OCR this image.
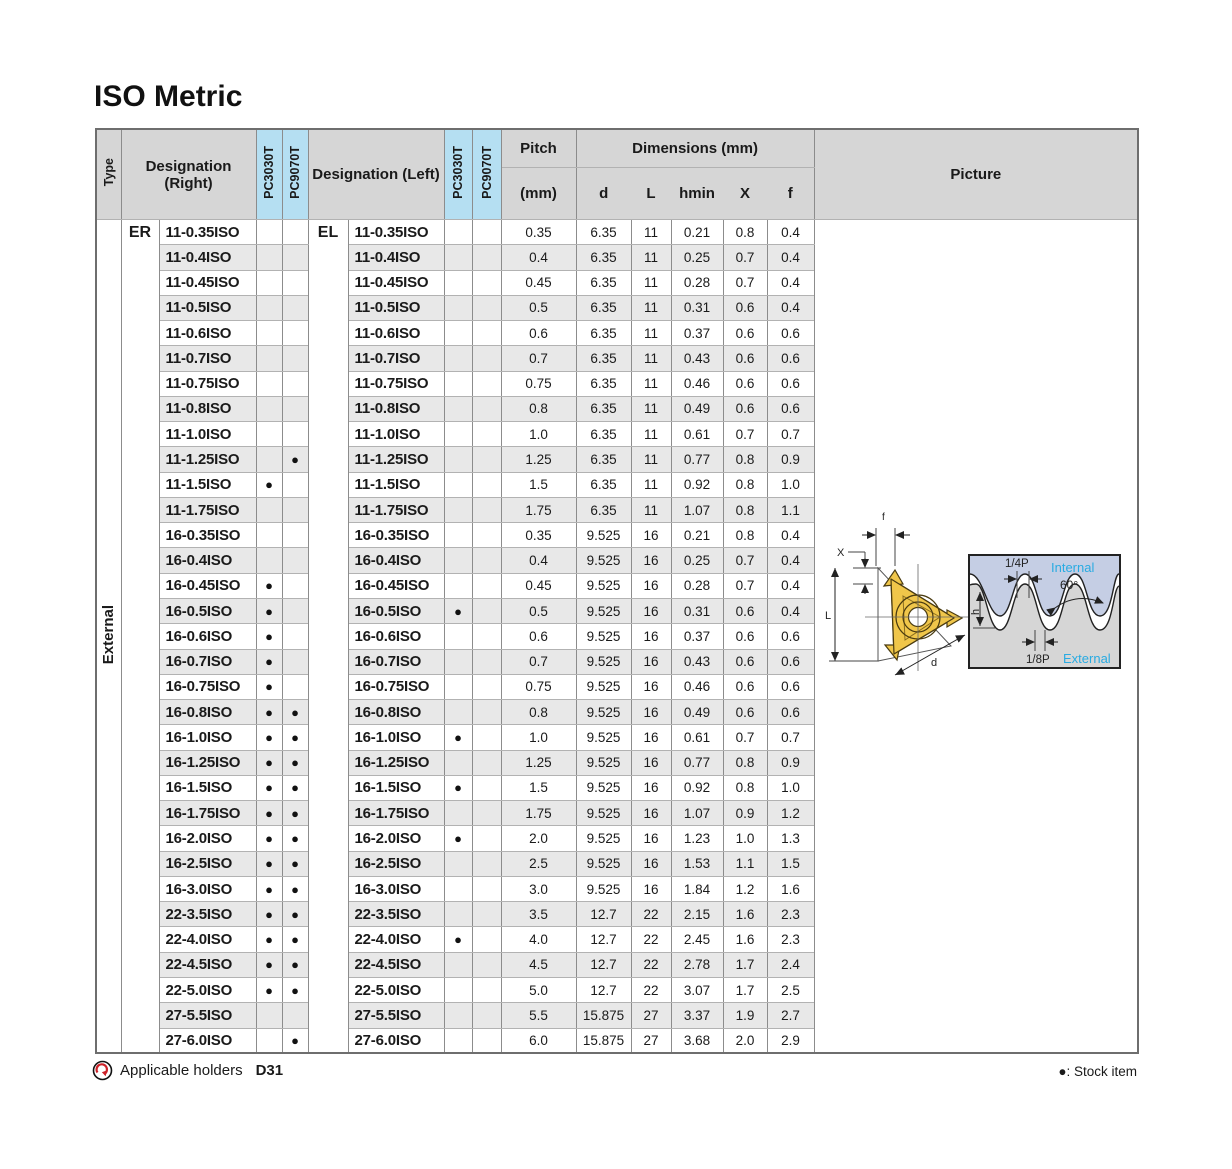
ISO Metric
Type	Designation (Right)		PC3030T	PC9070T	Designation (Left)		PC3030T	PC9070T	Pitch	Dimensions (mm)					Picture
									(mm)	d	L	hmin	X	f	
External	ER	11-0.35ISO			EL	11-0.35ISO			0.35	6.35	11	0.21	0.8	0.4	
f
X
L
d
1/4P Internal
60°
h
1/8P External

		11-0.4ISO				11-0.4ISO			0.4	6.35	11	0.25	0.7	0.4	
		11-0.45ISO				11-0.45ISO			0.45	6.35	11	0.28	0.7	0.4	
		11-0.5ISO				11-0.5ISO			0.5	6.35	11	0.31	0.6	0.4	
		11-0.6ISO				11-0.6ISO			0.6	6.35	11	0.37	0.6	0.6	
		11-0.7ISO				11-0.7ISO			0.7	6.35	11	0.43	0.6	0.6	
		11-0.75ISO				11-0.75ISO			0.75	6.35	11	0.46	0.6	0.6	
		11-0.8ISO				11-0.8ISO			0.8	6.35	11	0.49	0.6	0.6	
		11-1.0ISO				11-1.0ISO			1.0	6.35	11	0.61	0.7	0.7	
		11-1.25ISO		●		11-1.25ISO			1.25	6.35	11	0.77	0.8	0.9	
		11-1.5ISO	●			11-1.5ISO			1.5	6.35	11	0.92	0.8	1.0	
		11-1.75ISO				11-1.75ISO			1.75	6.35	11	1.07	0.8	1.1	
		16-0.35ISO				16-0.35ISO			0.35	9.525	16	0.21	0.8	0.4	
		16-0.4ISO				16-0.4ISO			0.4	9.525	16	0.25	0.7	0.4	
		16-0.45ISO	●			16-0.45ISO			0.45	9.525	16	0.28	0.7	0.4	
		16-0.5ISO	●			16-0.5ISO	●		0.5	9.525	16	0.31	0.6	0.4	
		16-0.6ISO	●			16-0.6ISO			0.6	9.525	16	0.37	0.6	0.6	
		16-0.7ISO	●			16-0.7ISO			0.7	9.525	16	0.43	0.6	0.6	
		16-0.75ISO	●			16-0.75ISO			0.75	9.525	16	0.46	0.6	0.6	
		16-0.8ISO	●	●		16-0.8ISO			0.8	9.525	16	0.49	0.6	0.6	
		16-1.0ISO	●	●		16-1.0ISO	●		1.0	9.525	16	0.61	0.7	0.7	
		16-1.25ISO	●	●		16-1.25ISO			1.25	9.525	16	0.77	0.8	0.9	
		16-1.5ISO	●	●		16-1.5ISO	●		1.5	9.525	16	0.92	0.8	1.0	
		16-1.75ISO	●	●		16-1.75ISO			1.75	9.525	16	1.07	0.9	1.2	
		16-2.0ISO	●	●		16-2.0ISO	●		2.0	9.525	16	1.23	1.0	1.3	
		16-2.5ISO	●	●		16-2.5ISO			2.5	9.525	16	1.53	1.1	1.5	
		16-3.0ISO	●	●		16-3.0ISO			3.0	9.525	16	1.84	1.2	1.6	
		22-3.5ISO	●	●		22-3.5ISO			3.5	12.7	22	2.15	1.6	2.3	
		22-4.0ISO	●	●		22-4.0ISO	●		4.0	12.7	22	2.45	1.6	2.3	
		22-4.5ISO	●	●		22-4.5ISO			4.5	12.7	22	2.78	1.7	2.4	
		22-5.0ISO	●	●		22-5.0ISO			5.0	12.7	22	3.07	1.7	2.5	
		27-5.5ISO				27-5.5ISO			5.5	15.875	27	3.37	1.9	2.7	
		27-6.0ISO		●		27-6.0ISO			6.0	15.875	27	3.68	2.0	2.9	
Applicable holders D31	●: Stock item
